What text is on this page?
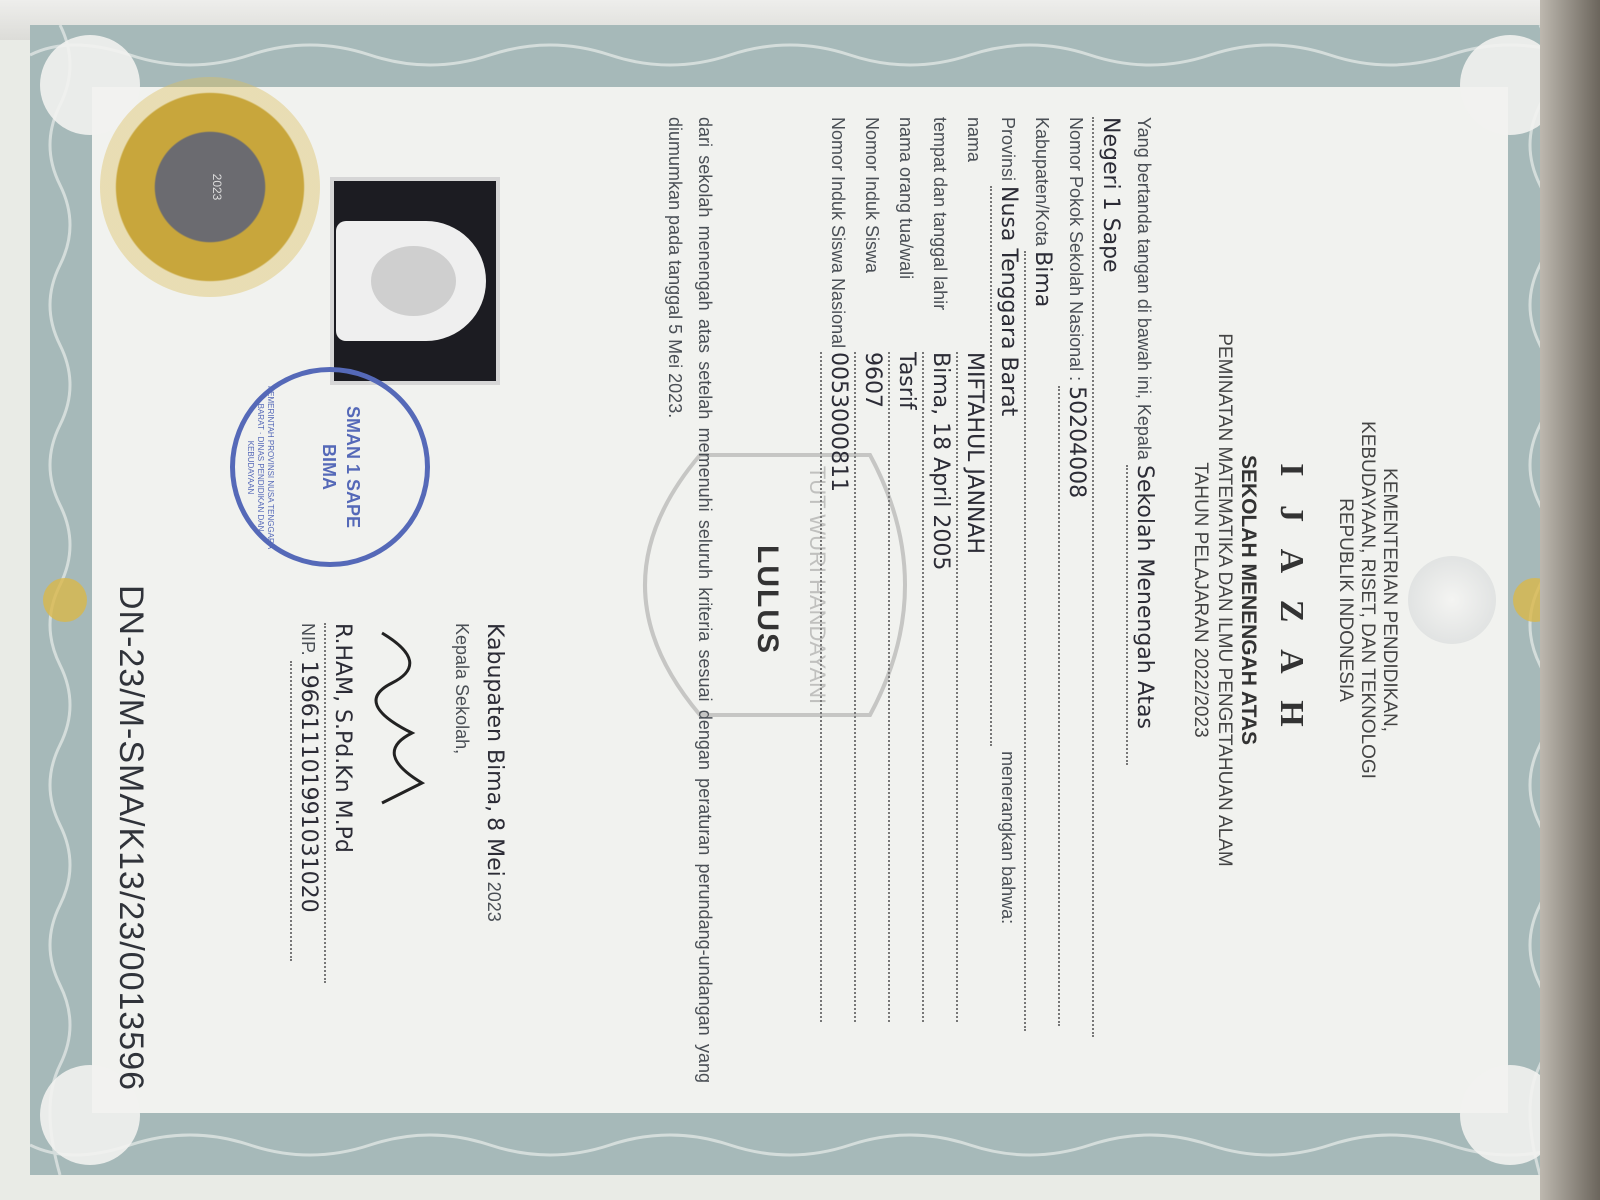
TUT WURI HANDAYANI	KEMENTERIAN PENDIDIKAN,
KEBUDAYAAN, RISET, DAN TEKNOLOGI
REPUBLIK INDONESIA
I J A Z A H
SEKOLAH MENENGAH ATAS
PEMINATAN MATEMATIKA DAN ILMU PENGETAHUAN ALAM
TAHUN PELAJARAN 2022/2023
Yang bertanda tangan di bawah ini, Kepala Sekolah Menengah Atas
Negeri 1 Sape
Nomor Pokok Sekolah Nasional : 50204008
Kabupaten/Kota Bima
Provinsi Nusa Tenggara Barat menerangkan bahwa:
nama MIFTAHUL JANNAH
tempat dan tanggal lahir Bima, 18 April 2005
nama orang tua/wali Tasrif
Nomor Induk Siswa 9607
Nomor Induk Siswa Nasional 0053000811
LULUS
dari sekolah menengah atas setelah memenuhi seluruh kriteria sesuai dengan peraturan perundang-undangan yang diumumkan pada tanggal 5 Mei 2023.
Kabupaten Bima, 8 Mei 2023
Kepala Sekolah,
R.HAM, S.Pd.Kn M.Pd
NIP. 196611101991031020
SMAN 1 SAPE
BIMA
PEMERINTAH PROVINSI NUSA TENGGARA BARAT · DINAS PENDIDIKAN DAN KEBUDAYAAN
2023
DN-23/M-SMA/K13/23/0013596
